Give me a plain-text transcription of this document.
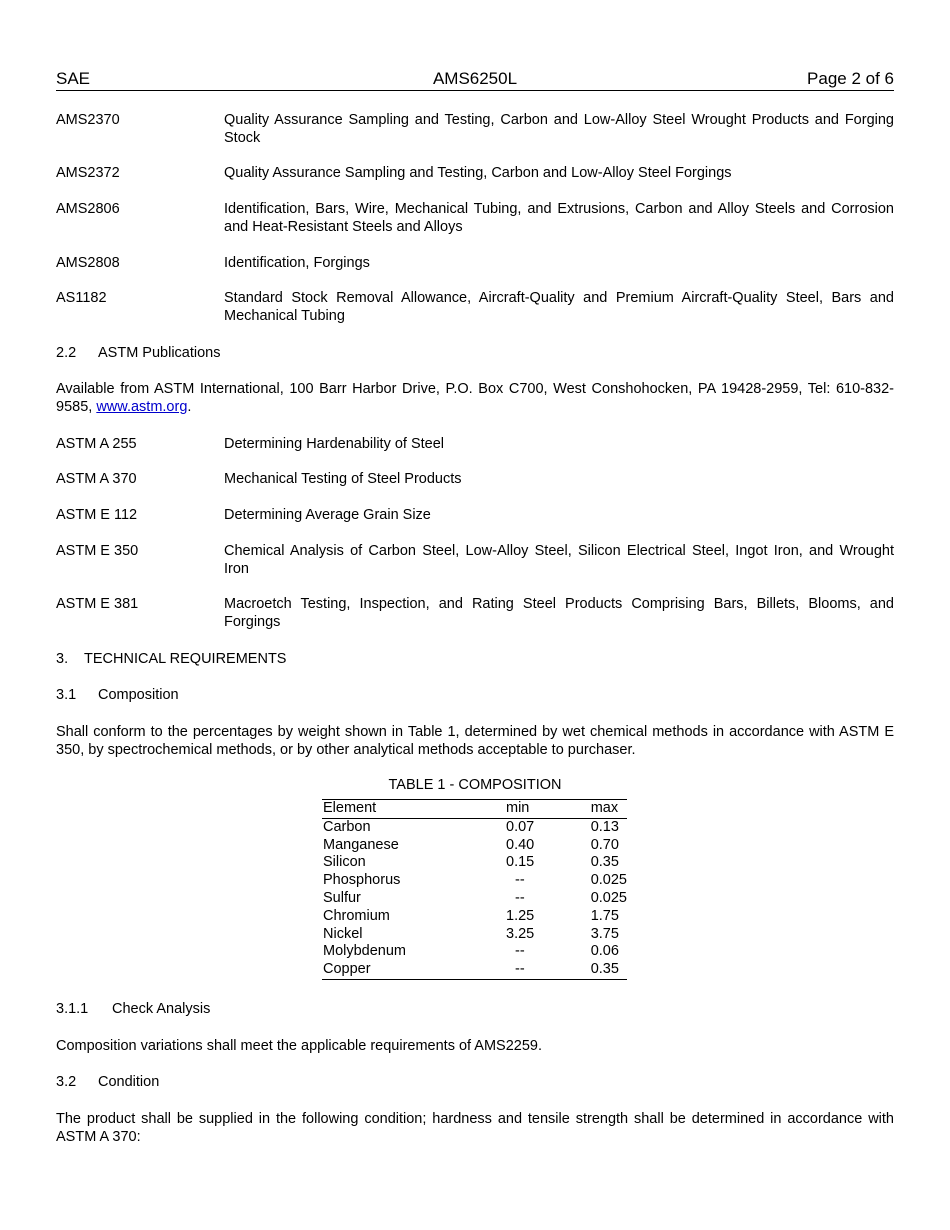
SAE	AMS6250L	Page 2 of 6
AMS2370	Quality Assurance Sampling and Testing, Carbon and Low-Alloy Steel Wrought Products and Forging Stock
AMS2372	Quality Assurance Sampling and Testing, Carbon and Low-Alloy Steel Forgings
AMS2806	Identification, Bars, Wire, Mechanical Tubing, and Extrusions, Carbon and Alloy Steels and Corrosion and Heat-Resistant Steels and Alloys
AMS2808	Identification, Forgings
AS1182	Standard Stock Removal Allowance, Aircraft-Quality and Premium Aircraft-Quality Steel, Bars and Mechanical Tubing
2.2 ASTM Publications
Available from ASTM International, 100 Barr Harbor Drive, P.O. Box C700, West Conshohocken, PA 19428-2959, Tel: 610-832-9585, www.astm.org.
ASTM A 255	Determining Hardenability of Steel
ASTM A 370	Mechanical Testing of Steel Products
ASTM E 112	Determining Average Grain Size
ASTM E 350	Chemical Analysis of Carbon Steel, Low-Alloy Steel, Silicon Electrical Steel, Ingot Iron, and Wrought Iron
ASTM E 381	Macroetch Testing, Inspection, and Rating Steel Products Comprising Bars, Billets, Blooms, and Forgings
3. TECHNICAL REQUIREMENTS
3.1 Composition
Shall conform to the percentages by weight shown in Table 1, determined by wet chemical methods in accordance with ASTM E 350, by spectrochemical methods, or by other analytical methods acceptable to purchaser.
TABLE 1 - COMPOSITION
Element	min	max
Carbon	0.07	0.13
Manganese	0.40	0.70
Silicon	0.15	0.35
Phosphorus	--	0.025
Sulfur	--	0.025
Chromium	1.25	1.75
Nickel	3.25	3.75
Molybdenum	--	0.06
Copper	--	0.35
3.1.1 Check Analysis
Composition variations shall meet the applicable requirements of AMS2259.
3.2 Condition
The product shall be supplied in the following condition; hardness and tensile strength shall be determined in accordance with ASTM A 370:
